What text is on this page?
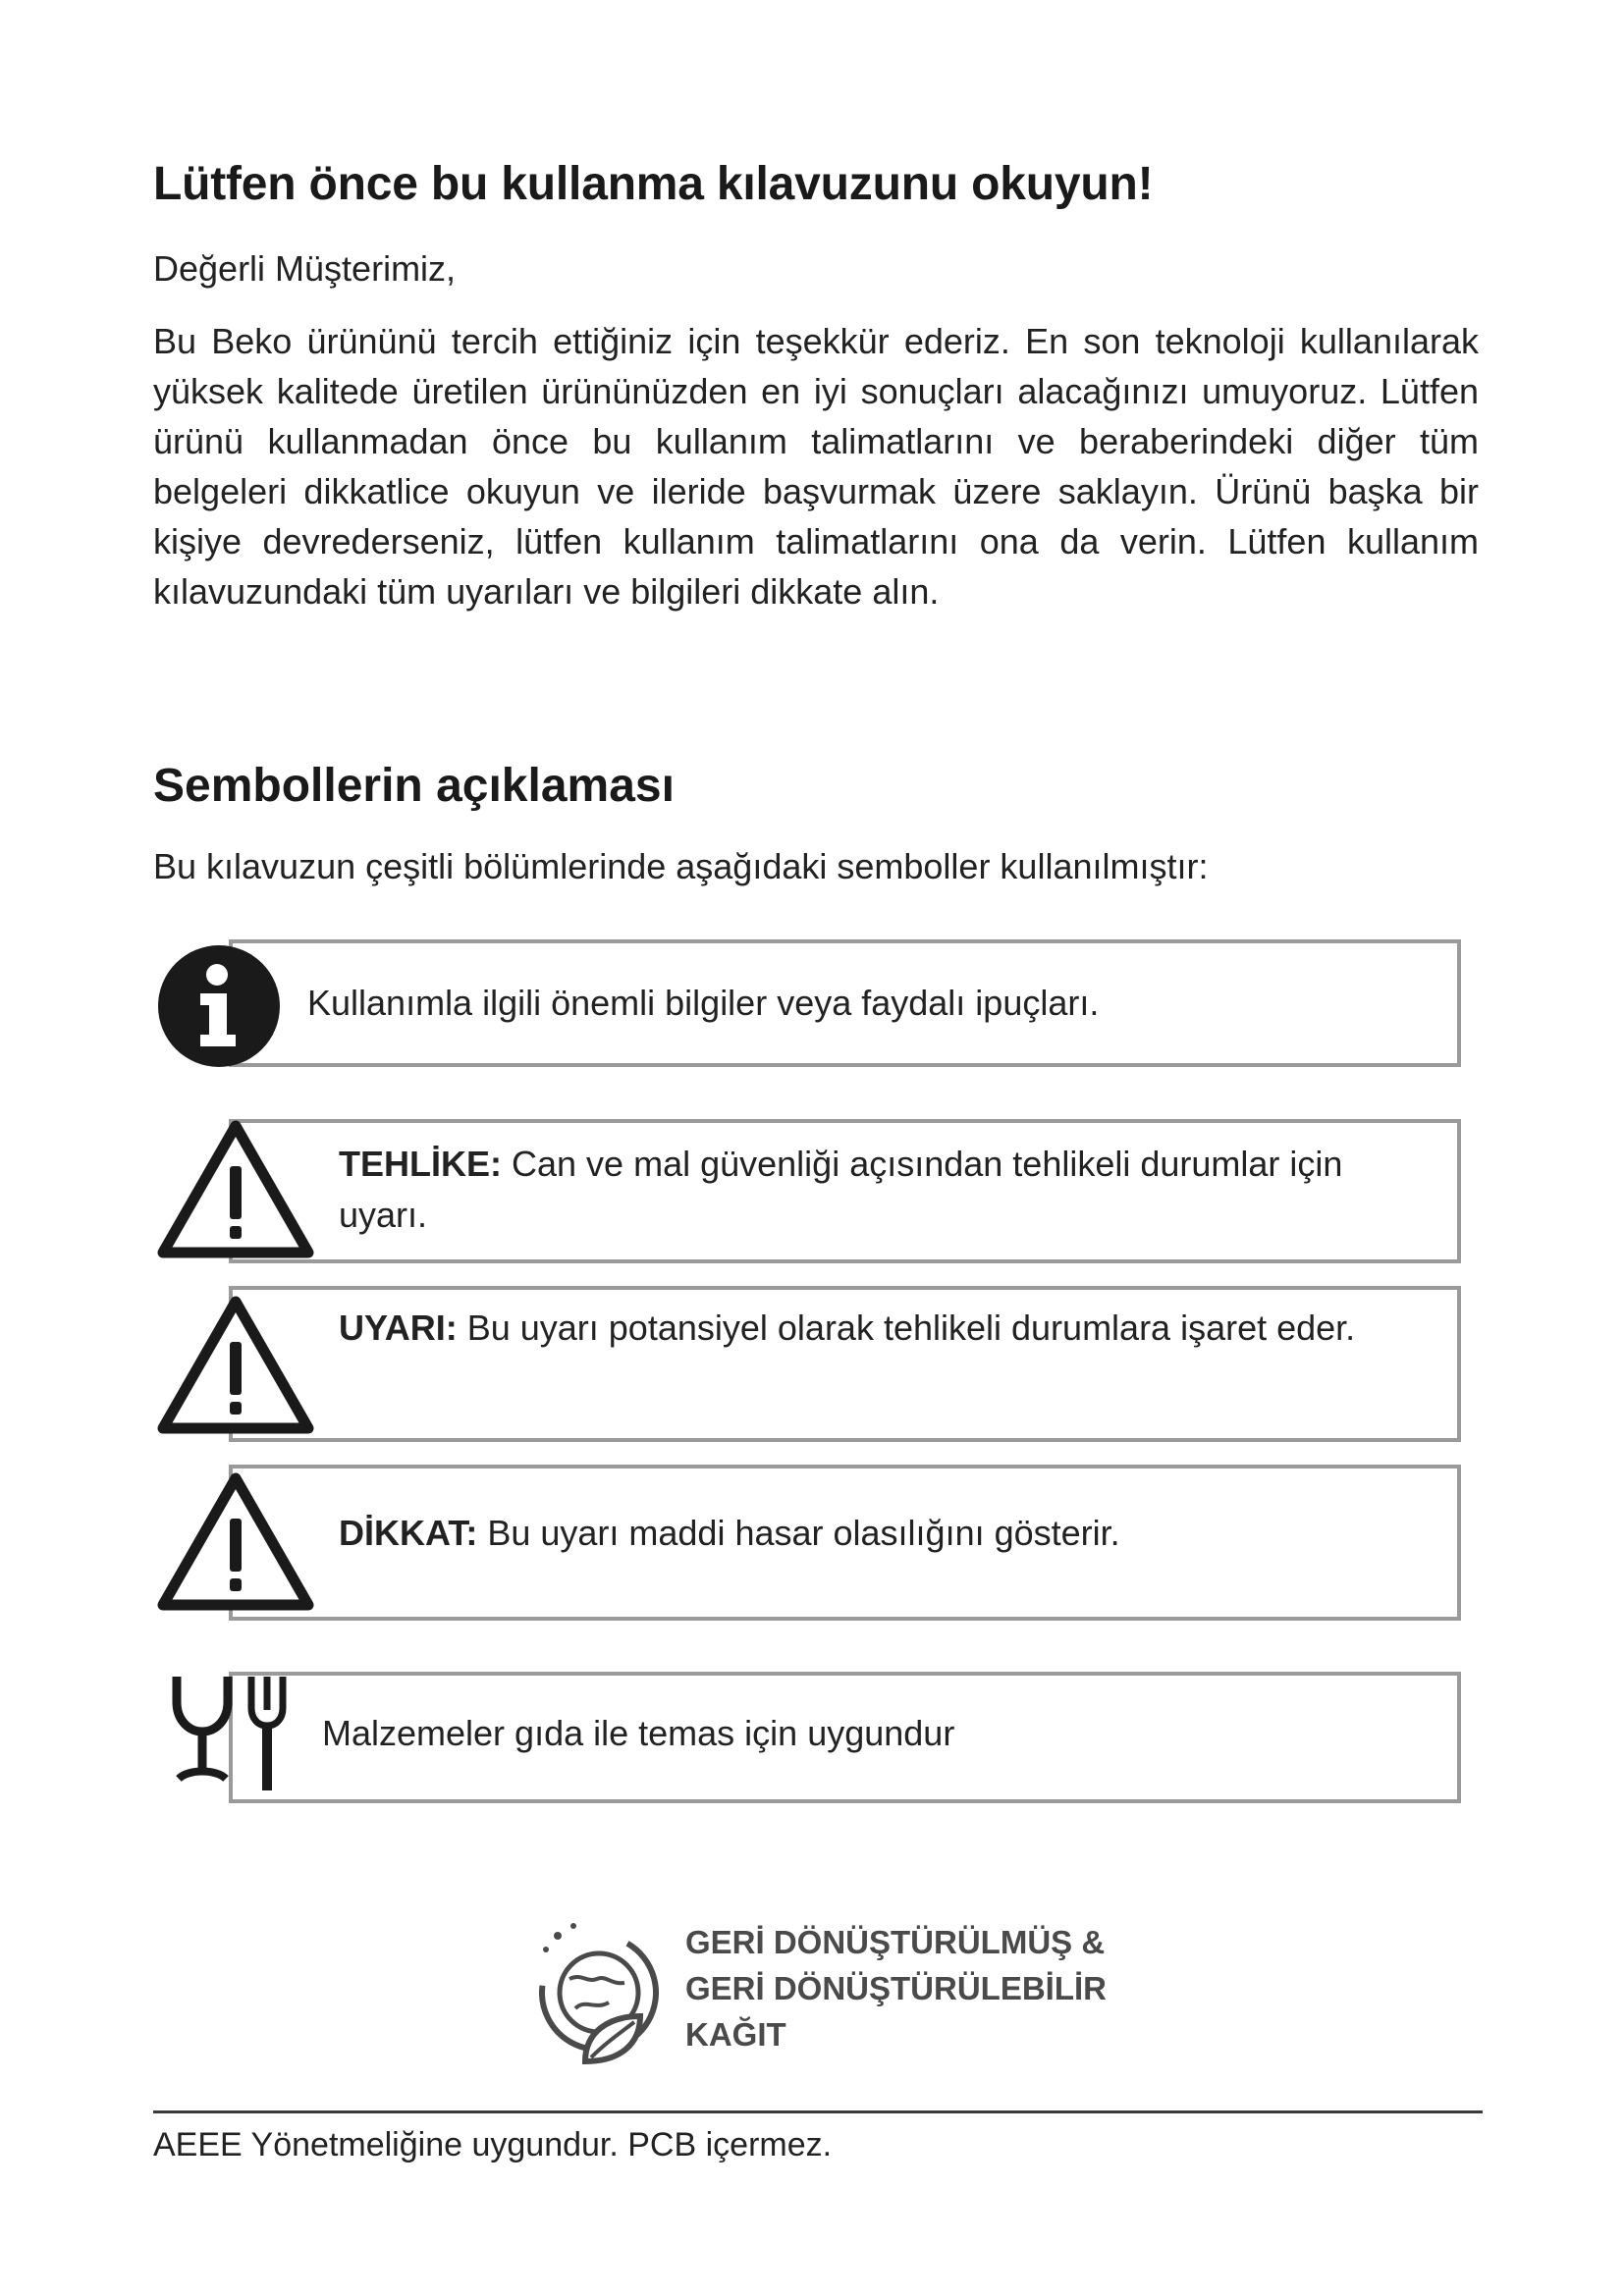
Lütfen önce bu kullanma kılavuzunu okuyun!

Değerli Müşterimiz,

Bu Beko ürününü tercih ettiğiniz için teşekkür ederiz. En son teknoloji kullanılarak yüksek kalitede üretilen ürününüzden en iyi sonuçları alacağınızı umuyoruz. Lütfen ürünü kullanmadan önce bu kullanım talimatlarını ve beraberindeki diğer tüm belgeleri dikkatlice okuyun ve ileride başvurmak üzere saklayın. Ürünü başka bir kişiye devrederseniz, lütfen kullanım talimatlarını ona da verin. Lütfen kullanım kılavuzundaki tüm uyarıları ve bilgileri dikkate alın.

Sembollerin açıklaması

Bu kılavuzun çeşitli bölümlerinde aşağıdaki semboller kullanılmıştır:

Kullanımla ilgili önemli bilgiler veya faydalı ipuçları.

TEHLİKE: Can ve mal güvenliği açısından tehlikeli durumlar için uyarı.

UYARI: Bu uyarı potansiyel olarak tehlikeli durumlara işaret eder.

DİKKAT: Bu uyarı maddi hasar olasılığını gösterir.

Malzemeler gıda ile temas için uygundur

GERİ DÖNÜŞTÜRÜLMÜŞ &
GERİ DÖNÜŞTÜRÜLEBİLİR
KAĞIT

AEEE Yönetmeliğine uygundur. PCB içermez.
